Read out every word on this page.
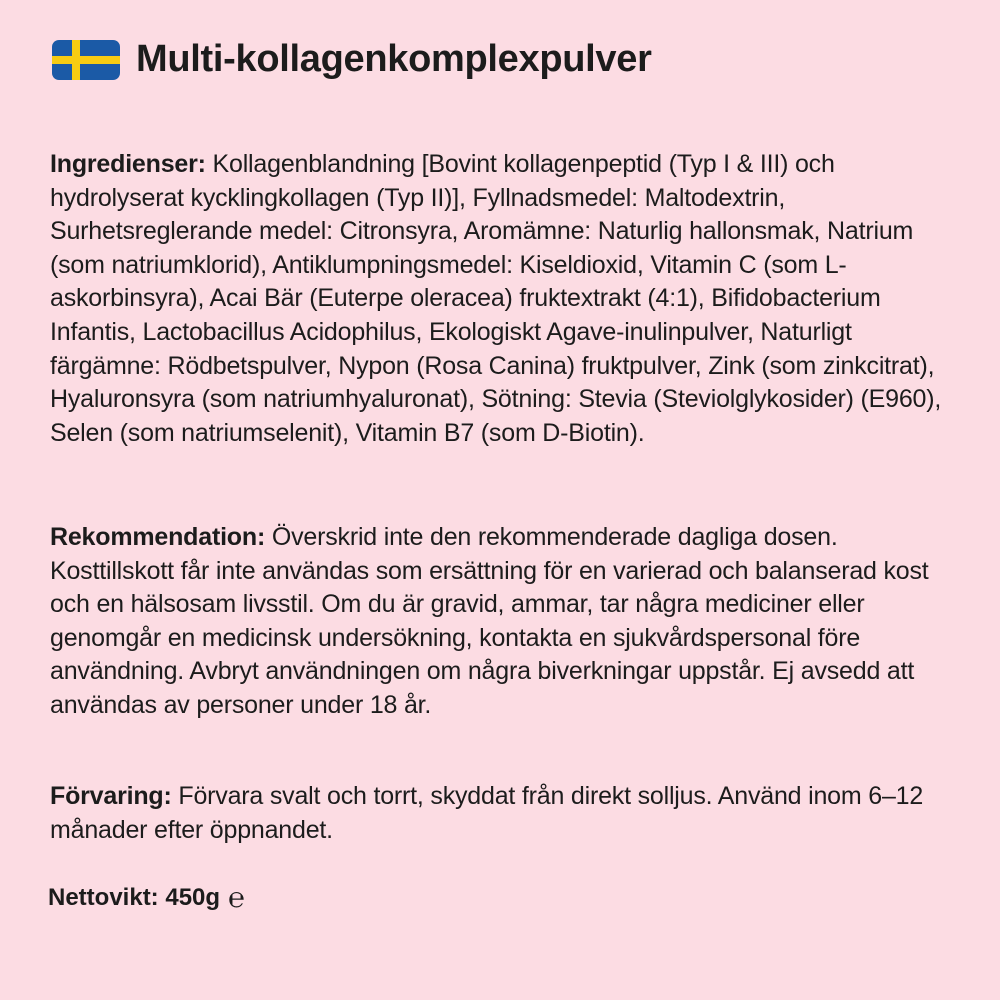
Multi-kollagenkomplexpulver
Ingredienser: Kollagenblandning [Bovint kollagenpeptid (Typ I & III) och hydrolyserat kycklingkollagen (Typ II)], Fyllnadsmedel: Maltodextrin, Surhetsreglerande medel: Citronsyra, Aromämne: Naturlig hallonsmak, Natrium (som natriumklorid), Antiklumpningsmedel: Kiseldioxid, Vitamin C (som L-askorbinsyra), Acai Bär (Euterpe oleracea) fruktextrakt (4:1), Bifidobacterium Infantis, Lactobacillus Acidophilus, Ekologiskt Agave-inulinpulver, Naturligt färgämne: Rödbetspulver, Nypon (Rosa Canina) fruktpulver, Zink (som zinkcitrat), Hyaluronsyra (som natriumhyaluronat), Sötning: Stevia (Steviolglykosider) (E960), Selen (som natriumselenit), Vitamin B7 (som D-Biotin).
Rekommendation: Överskrid inte den rekommenderade dagliga dosen. Kosttillskott får inte användas som ersättning för en varierad och balanserad kost och en hälsosam livsstil. Om du är gravid, ammar, tar några mediciner eller genomgår en medicinsk undersökning, kontakta en sjukvårdspersonal före användning. Avbryt användningen om några biverkningar uppstår. Ej avsedd att användas av personer under 18 år.
Förvaring: Förvara svalt och torrt, skyddat från direkt solljus. Använd inom 6–12 månader efter öppnandet.
Nettovikt: 450g ℮
